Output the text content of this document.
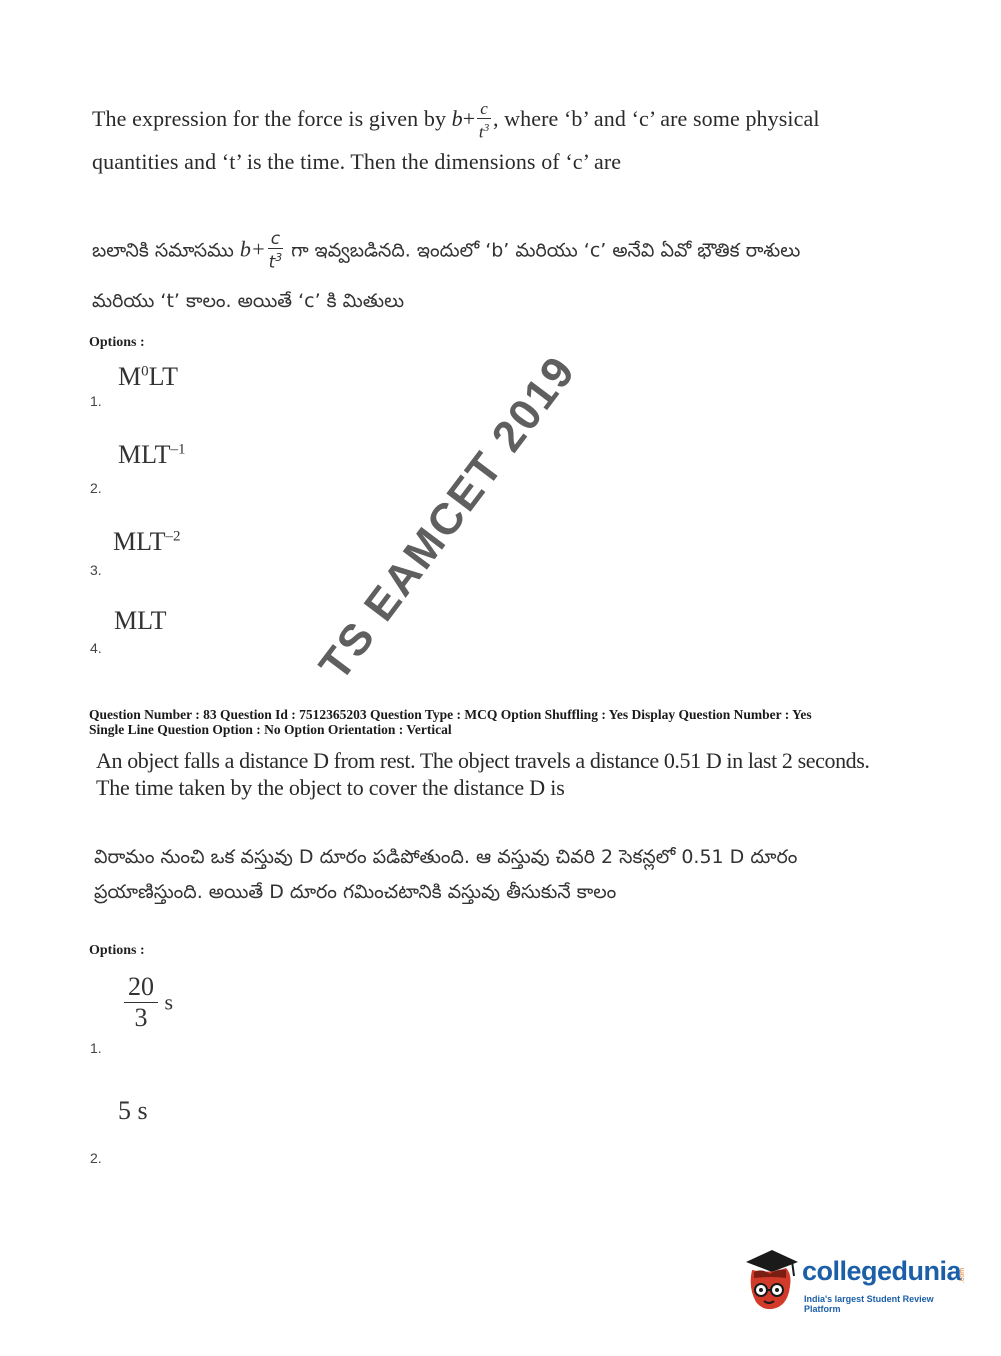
The expression for the force is given by $b+ \frac{c}{t^3}$ , where ‘b’ and ‘c’ are some physical
quantities and ‘t’ is the time. Then the dimensions of ‘c’ are
బలానికి సమాసము $b+ \frac{c}{t^3}$ గా ఇవ్వబడినది. ఇందులో ‘b’ మరియు ‘c’ అనేవి ఏవో భౌతిక రాశులు
మరియు ‘t’ కాలం. అయితే ‘c’ కి మితులు
Options :
$M^0LT$
1.
$MLT^{-1}$
2.
$MLT^{-2}$
3.
MLT
4.
Question Number : 83 Question Id : 7512365203 Question Type : MCQ Option Shuffling : Yes Display Question Number : Yes
Single Line Question Option : No Option Orientation : Vertical
An object falls a distance D from rest. The object travels a distance 0.51 D in last 2 seconds.
The time taken by the object to cover the distance D is
విరామం నుంచి ఒక వస్తువు D దూరం పడిపోతుంది. ఆ వస్తువు చివరి 2 సెకన్లలో 0.51 D దూరం
ప్రయాణిస్తుంది. అయితే D దూరం గమించటానికి వస్తువు తీసుకునే కాలం
Options :
$\frac{20}{3}$ s
1.
5 s
2.
TS EAMCET 2019
collegedunia
.com
India's largest Student Review Platform
